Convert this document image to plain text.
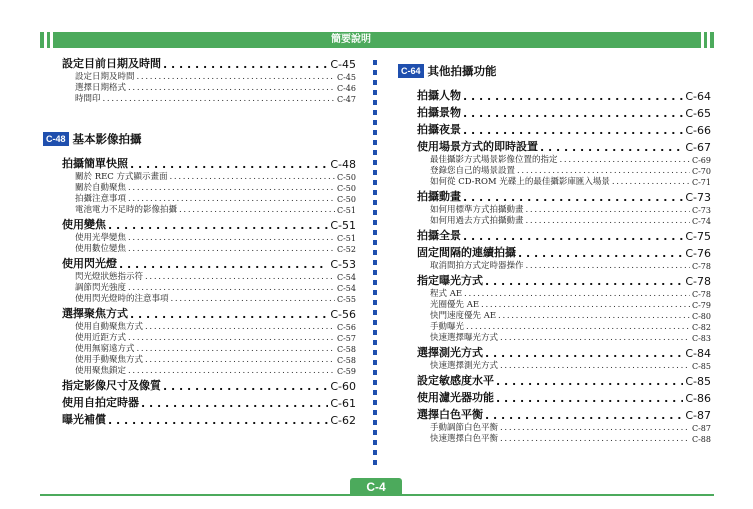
簡要說明
設定目前日期及時間 . . .	C-45
設定日期及時間 . . .	C-45
選擇日期格式 . . .	C-46
時間印 . . .	C-47
拍攝簡單快照 . . .	C-48
關於 REC 方式顯示畫面 . . .	C-50
關於自動聚焦 . . .	C-50
拍攝注意事項 . . .	C-50
電池電力不足時的影像拍攝 . . .	C-51
使用變焦 . . .	C-51
使用光學變焦 . . .	C-51
使用數位變焦 . . .	C-52
使用閃光燈 . . .	C-53
閃光燈狀態指示符 . . .	C-54
調節閃光強度 . . .	C-54
使用閃光燈時的注意事項 . . .	C-55
選擇聚焦方式 . . .	C-56
使用自動聚焦方式 . . .	C-56
使用近距方式 . . .	C-57
使用無窮遠方式 . . .	C-58
使用手動聚焦方式 . . .	C-58
使用聚焦鎖定 . . .	C-59
指定影像尺寸及像質 . . .	C-60
使用自拍定時器 . . .	C-61
曝光補償 . . .	C-62
C-48 基本影像拍攝
拍攝人物 . . .	C-64
拍攝景物 . . .	C-65
拍攝夜景 . . .	C-66
使用場景方式的即時設置 . . .	C-67
最佳攝影方式場景影像位置的指定 . . .	C-69
登錄您自己的場景設置 . . .	C-70
如何從 CD-ROM 光碟上的最佳攝影庫匯入場景 . . .	C-71
拍攝動畫 . . .	C-73
如何用標準方式拍攝動畫 . . .	C-73
如何用過去方式拍攝動畫 . . .	C-74
拍攝全景 . . .	C-75
固定間隔的連續拍攝 . . .	C-76
取消間拍方式定時器操作 . . .	C-78
指定曝光方式 . . .	C-78
程式 AE . . .	C-78
光圈優先 AE . . .	C-79
快門速度優先 AE . . .	C-80
手動曝光 . . .	C-82
快速選擇曝光方式 . . .	C-83
選擇測光方式 . . .	C-84
快速選擇測光方式 . . .	C-85
設定敏感度水平 . . .	C-85
使用濾光器功能 . . .	C-86
選擇白色平衡 . . .	C-87
手動調節白色平衡 . . .	C-87
快速選擇白色平衡 . . .	C-88
C-64 其他拍攝功能
C-4
